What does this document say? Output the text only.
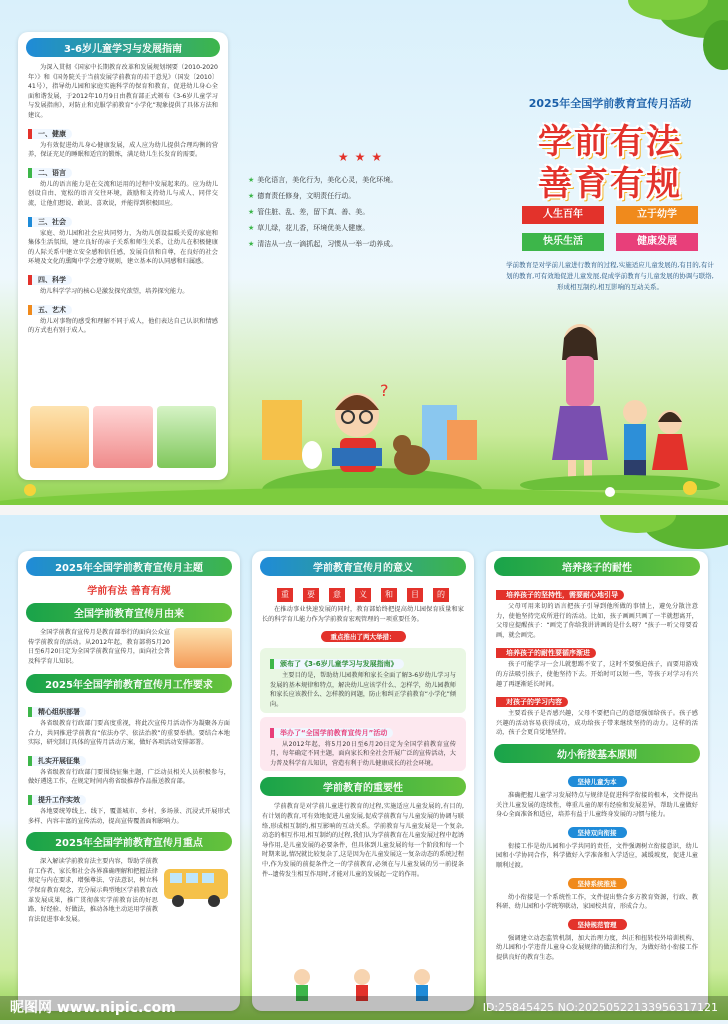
3-6岁儿童学习与发展指南

为深入贯彻《国家中长期教育改革和发展规划纲要（2010-2020年）》和《国务院关于当前发展学前教育的若干意见》（国发〔2010〕41号），指导幼儿园和家庭实施科学的保育和教育，促进幼儿身心全面和谐发展，于2012年10月9日由教育部正式颁布《3-6岁儿童学习与发展指南》，对防止和克服学前教育“小学化”现象提供了具体方法和建议。

一、健康

为有效促进幼儿身心健康发展，成人应为幼儿提供合理均衡的营养，保证充足的睡眠和适宜的锻炼，满足幼儿生长发育的需要。

二、语言

幼儿的语言能力是在交流和运用的过程中发展起来的。应为幼儿创设自由、宽松的语言交往环境，鼓励和支持幼儿与成人、同伴交流，让他们想说、敢说、喜欢说，并能得到积极回应。

三、社会

家庭、幼儿园和社会应共同努力，为幼儿创设温暖关爱的家庭和集体生活氛围，建立良好的亲子关系和师生关系，让幼儿在积极健康的人际关系中建立安全感和信任感，发展自信和自尊，在良好的社会环境及文化的熏陶中学会遵守规则，建立基本的认同感和归属感。

四、科学

幼儿科学学习的核心是激发探究欲望，培养探究能力。

五、艺术

幼儿对事物的感受和理解不同于成人，他们表达自己认识和情感的方式也有别于成人。

★★★
★ 美化语言，美化行为，美化心灵，美化环境。
★ 德育责任修身，文明责任行动。
★ 管住脏、乱、差，留下真、善、美。
★ 草儿绿，花儿香，环境优美人健康。
★ 清洁从一点一滴抓起，习惯从一举一动养成。
?
2025年全国学前教育宣传月活动
学前有法
善育有规
人生百年	立于幼学
快乐生活	健康发展

学前教育是对学前儿童进行教育的过程,实施适应儿童发展的,有目的,有计划的教育,可有效地促进儿童发展,促成学前教育与儿童发展的协调与联络,形成相互制约,相互影响的互动关系。

2025年全国学前教育宣传月主题
学前有法 善育有规
全国学前教育宣传月由来

全国学前教育宣传月是教育部举行的面向公众宣传学前教育的活动。从2012年起，教育部将5月20日至6月20日定为全国学前教育宣传月，面向社会普及科学育儿知识。

2025年全国学前教育宣传月工作要求
精心组织部署

各省级教育行政部门要高度重视，将此次宣传月活动作为凝聚各方面合力，共同推进学前教育“依法办学、依法治教”的重要举措。要结合本地实际，研究制订具体的宣传月活动方案，做好各项活动安排部署。

扎实开展征集

各省级教育行政部门要围绕征集主题，广泛动员相关人员积极参与，做好遴选工作，在规定时间内将省级推荐作品报送教育部。

提升工作实效

各地要统筹线上、线下，覆盖城市、乡村，多场景、沉浸式开展形式多样、内容丰富的宣传活动，提高宣传覆盖面和影响力。

2025年全国学前教育宣传月重点

深入解读学前教育法主要内容，帮助学前教育工作者、家长和社会各界准确理解和把握法律规定与内在要求，增强尊法、守法意识，树立科学保育教育观念，充分展示典型地区学前教育改革发展成果，推广贯彻落实学前教育法的好思路、好经验、好做法，推动各地主动运用学前教育法促进事业发展。

学前教育宣传月的意义
重 要 意 义 和 目 的

在推动事业快速发展的同时，教育部始终把提高幼儿园保育质量和家长的科学育儿能力作为学前教育宏观管理的一项重要任务。

重点推出了两大举措：
颁布了《3-6岁儿童学习与发展指南》

主要目的是，帮助幼儿园教师和家长全面了解3-6岁幼儿学习与发展的基本规律和特点，解决幼儿应该学什么、怎样学，幼儿园教师和家长应该教什么、怎样教的问题，防止和纠正学前教育“小学化”倾向。

举办了“全国学前教育宣传月”活动

从2012年起，将5月20日至6月20日定为全国学前教育宣传月，每年确定不同主题，面向家长和全社会开展广泛的宣传活动，大力普及科学育儿知识，营造有利于幼儿健康成长的社会环境。

学前教育的重要性

学前教育是对学前儿童进行教育的过程,实施适应儿童发展的,有目的,有计划的教育,可有效地促进儿童发展,促成学前教育与儿童发展的协调与联络,形成相互制约,相互影响的互动关系。学前教育与儿童发展是一个复杂,动态的相互作用,相互制约的过程,我们认为学前教育在儿童发展过程中起诱导作用,是儿童发展的必要条件，但具体到儿童发展的每一个阶段和每一个时期来说,情况就比较复杂了,这是因为在儿童发展这一复杂动态的系统过程中,作为发展的前提条件之一的学前教育,必须在与儿童发展的另一前提条件--遗传发生相互作用时,才能对儿童的发展起一定的作用。

培养孩子的耐性
培养孩子的坚持性，需要耐心地引导

父母可用来切的语言把孩子引导到他所做的事情上，避免分散注意力，使他坚持完成所进行的活动。比如，孩子画画只画了一半就想离开，父母应提醒孩子：“画完了你给我讲讲画的是什么呀？”孩子一听父母要看画，就会画完。

培养孩子的耐性要循序渐进

孩子可能学习一会儿就想踢不安了，这时不要强迫孩子，而要用游戏的方法吸引孩子，使他坚持下去。开始时可以短一些，等孩子对学习有兴趣了再逐渐延长时间。

对孩子的学习内容

主要看孩子是否感兴趣，父母不要把自己的意愿强加给孩子。孩子感兴趣的活动容易获得成功，成功给孩子带来继续坚持的动力。这样的活动，孩子会更自觉地坚持。

幼小衔接基本原则
坚持儿童为本

准确把握儿童学习发展特点与规律是促进科学衔接的根本，文件提出关注儿童发展的连续性，尊重儿童的原有经验和发展差异，帮助儿童做好身心全面准备和适应，培养有益于儿童终身发展的习惯与能力。

坚持双向衔接

衔接工作是幼儿园和小学共同的责任，文件强调树立衔接意识，幼儿园和小学协同合作，科学做好入学准备和入学适应，减缓坡度，促进儿童顺利过渡。

坚持系统推进

幼小衔接是一个系统性工作，文件提出整合多方教育资源，行政、教科研、幼儿园和小学统筹联动，家园校共育，形成合力。

坚持规范管理

强调建立动态监管机制，加大治理力度，纠正和扭转校外培训机构、幼儿园和小学违背儿童身心发展规律的做法和行为，为做好幼小衔接工作提供良好的教育生态。

昵图网 www.nipic.com	ID:25845425 NO:20250522133956317121
